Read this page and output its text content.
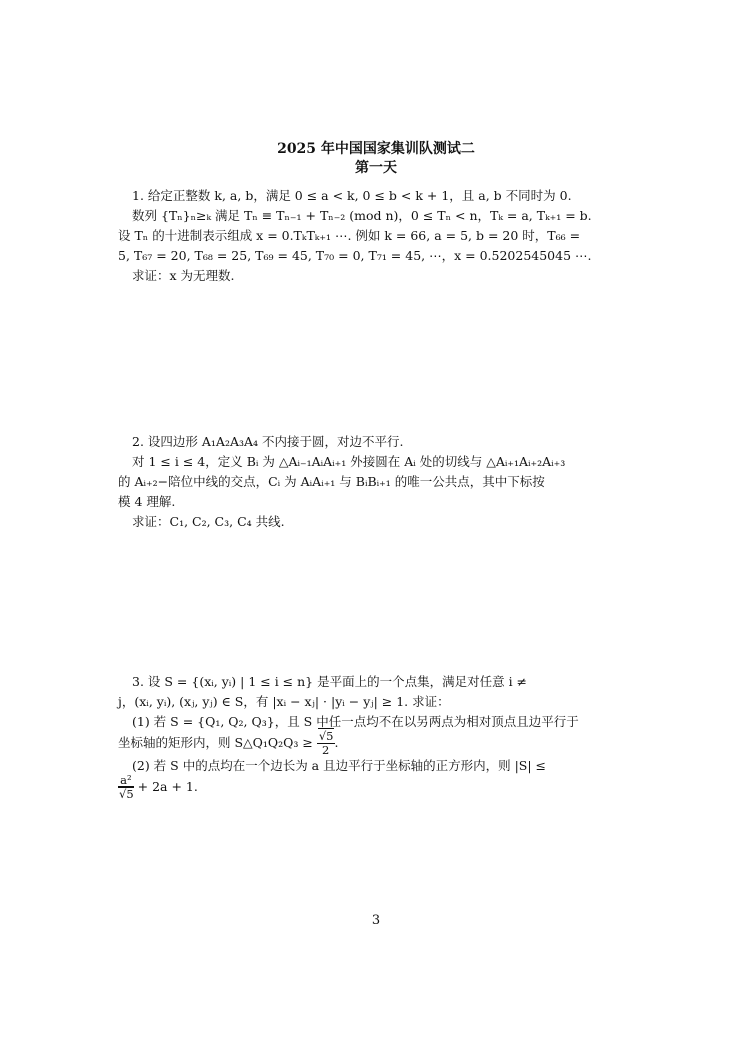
2025 年中国国家集训队测试二
第一天
1. 给定正整数 k, a, b，满足 0 ≤ a < k, 0 ≤ b < k + 1，且 a, b 不同时为 0.
数列 {Tₙ}ₙ≥ₖ 满足 Tₙ ≡ Tₙ₋₁ + Tₙ₋₂ (mod n)，0 ≤ Tₙ < n，Tₖ = a, Tₖ₊₁ = b.
设 Tₙ 的十进制表示组成 x = 0.TₖTₖ₊₁ ⋯. 例如 k = 66, a = 5, b = 20 时，T₆₆ =
5, T₆₇ = 20, T₆₈ = 25, T₆₉ = 45, T₇₀ = 0, T₇₁ = 45, ⋯，x = 0.5202545045 ⋯.
求证：x 为无理数.
2. 设四边形 A₁A₂A₃A₄ 不内接于圆，对边不平行.
对 1 ≤ i ≤ 4，定义 Bᵢ 为 △Aᵢ₋₁AᵢAᵢ₊₁ 外接圆在 Aᵢ 处的切线与 △Aᵢ₊₁Aᵢ₊₂Aᵢ₊₃
的 Aᵢ₊₂−陪位中线的交点，Cᵢ 为 AᵢAᵢ₊₁ 与 BᵢBᵢ₊₁ 的唯一公共点，其中下标按
模 4 理解.
求证：C₁, C₂, C₃, C₄ 共线.
3. 设 S = {(xᵢ, yᵢ) | 1 ≤ i ≤ n} 是平面上的一个点集，满足对任意 i ≠
j，(xᵢ, yᵢ), (xⱼ, yⱼ) ∈ S，有 |xᵢ − xⱼ| · |yᵢ − yⱼ| ≥ 1. 求证：
(1) 若 S = {Q₁, Q₂, Q₃}，且 S 中任一点均不在以另两点为相对顶点且边平行于
坐标轴的矩形内，则 S△Q₁Q₂Q₃ ≥ $\frac{√5}{2}$ .
(2) 若 S 中的点均在一个边长为 a 且边平行于坐标轴的正方形内，则 |S| ≤
$\frac{\text{a²}}{√5} + 2a + 1$.
3
